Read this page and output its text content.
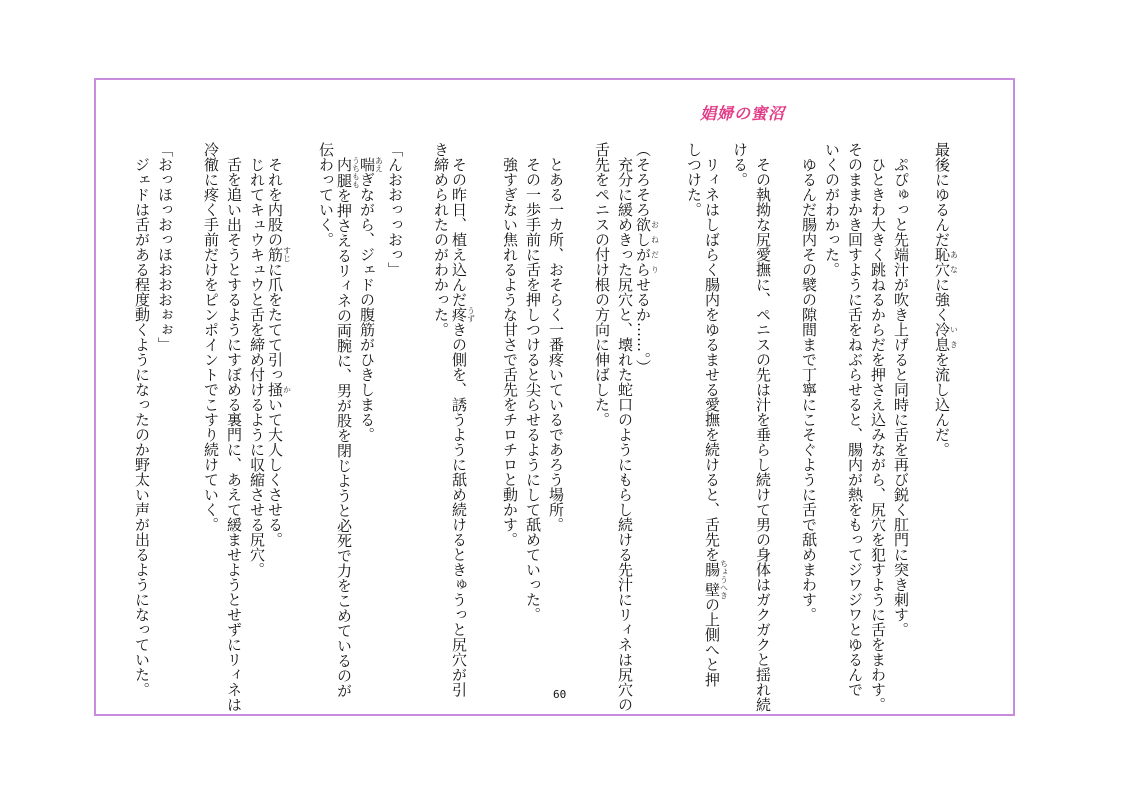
娼婦の蜜沼
最後にゆるんだ恥穴あなに強く冷息いきを流し込んだ。
　ぷぴゅっと先端汁が吹き上げると同時に舌を再び鋭く肛門に突き刺す。
　ひときわ大きく跳ねるからだを押さえ込みながら、尻穴を犯すように舌をまわす。
そのままかき回すように舌をねぶらせると、腸内が熱をもってジワジワとゆるんで
いくのがわかった。
　ゆるんだ腸内その襞の隙間まで丁寧にこそぐように舌で舐めまわす。
　その執拗な尻愛撫に、ペニスの先は汁を垂らし続けて男の身体はガクガクと揺れ続
ける。
　リィネはしばらく腸内をゆるませる愛撫を続けると、舌先を腸壁ちょうへきの上側へと押
しつけた。
（そろそろ欲しがらおねだりせるか……。）
　充分に緩めきった尻穴と、壊れた蛇口のようにもらし続ける先汁にリィネは尻穴の
舌先をペニスの付け根の方向に伸ばした。
　とある一カ所、おそらく一番疼いているであろう場所。
　その一歩手前に舌を押しつけると尖らせるようにして舐めていった。
　強すぎない焦れるような甘さで舌先をチロチロと動かす。
　その昨日、植え込んだ疼うずきの側を、誘うように舐め続けるときゅうっと尻穴が引
き締められたのがわかった。
「んおおっっおっ」
　喘あえぎながら、ジェドの腹筋がひきしまる。
　内腿うちももを押さえるリィネの両腕に、男が股を閉じようと必死で力をこめているのが
伝わっていく。
　それを内股の筋すじに爪をたてて引っ掻かいて大人しくさせる。
　じれてキュウキュウと舌を締め付けるように収縮させる尻穴。
　舌を追い出そうとするようにすぼめる裏門に、あえて緩ませようとせずにリィネは
冷徹に疼く手前だけをピンポイントでこすり続けていく。
「おっほっおっほおおおぉぉ」
　ジェドは舌がある程度動くようになったのか野太い声が出るようになっていた。	60
